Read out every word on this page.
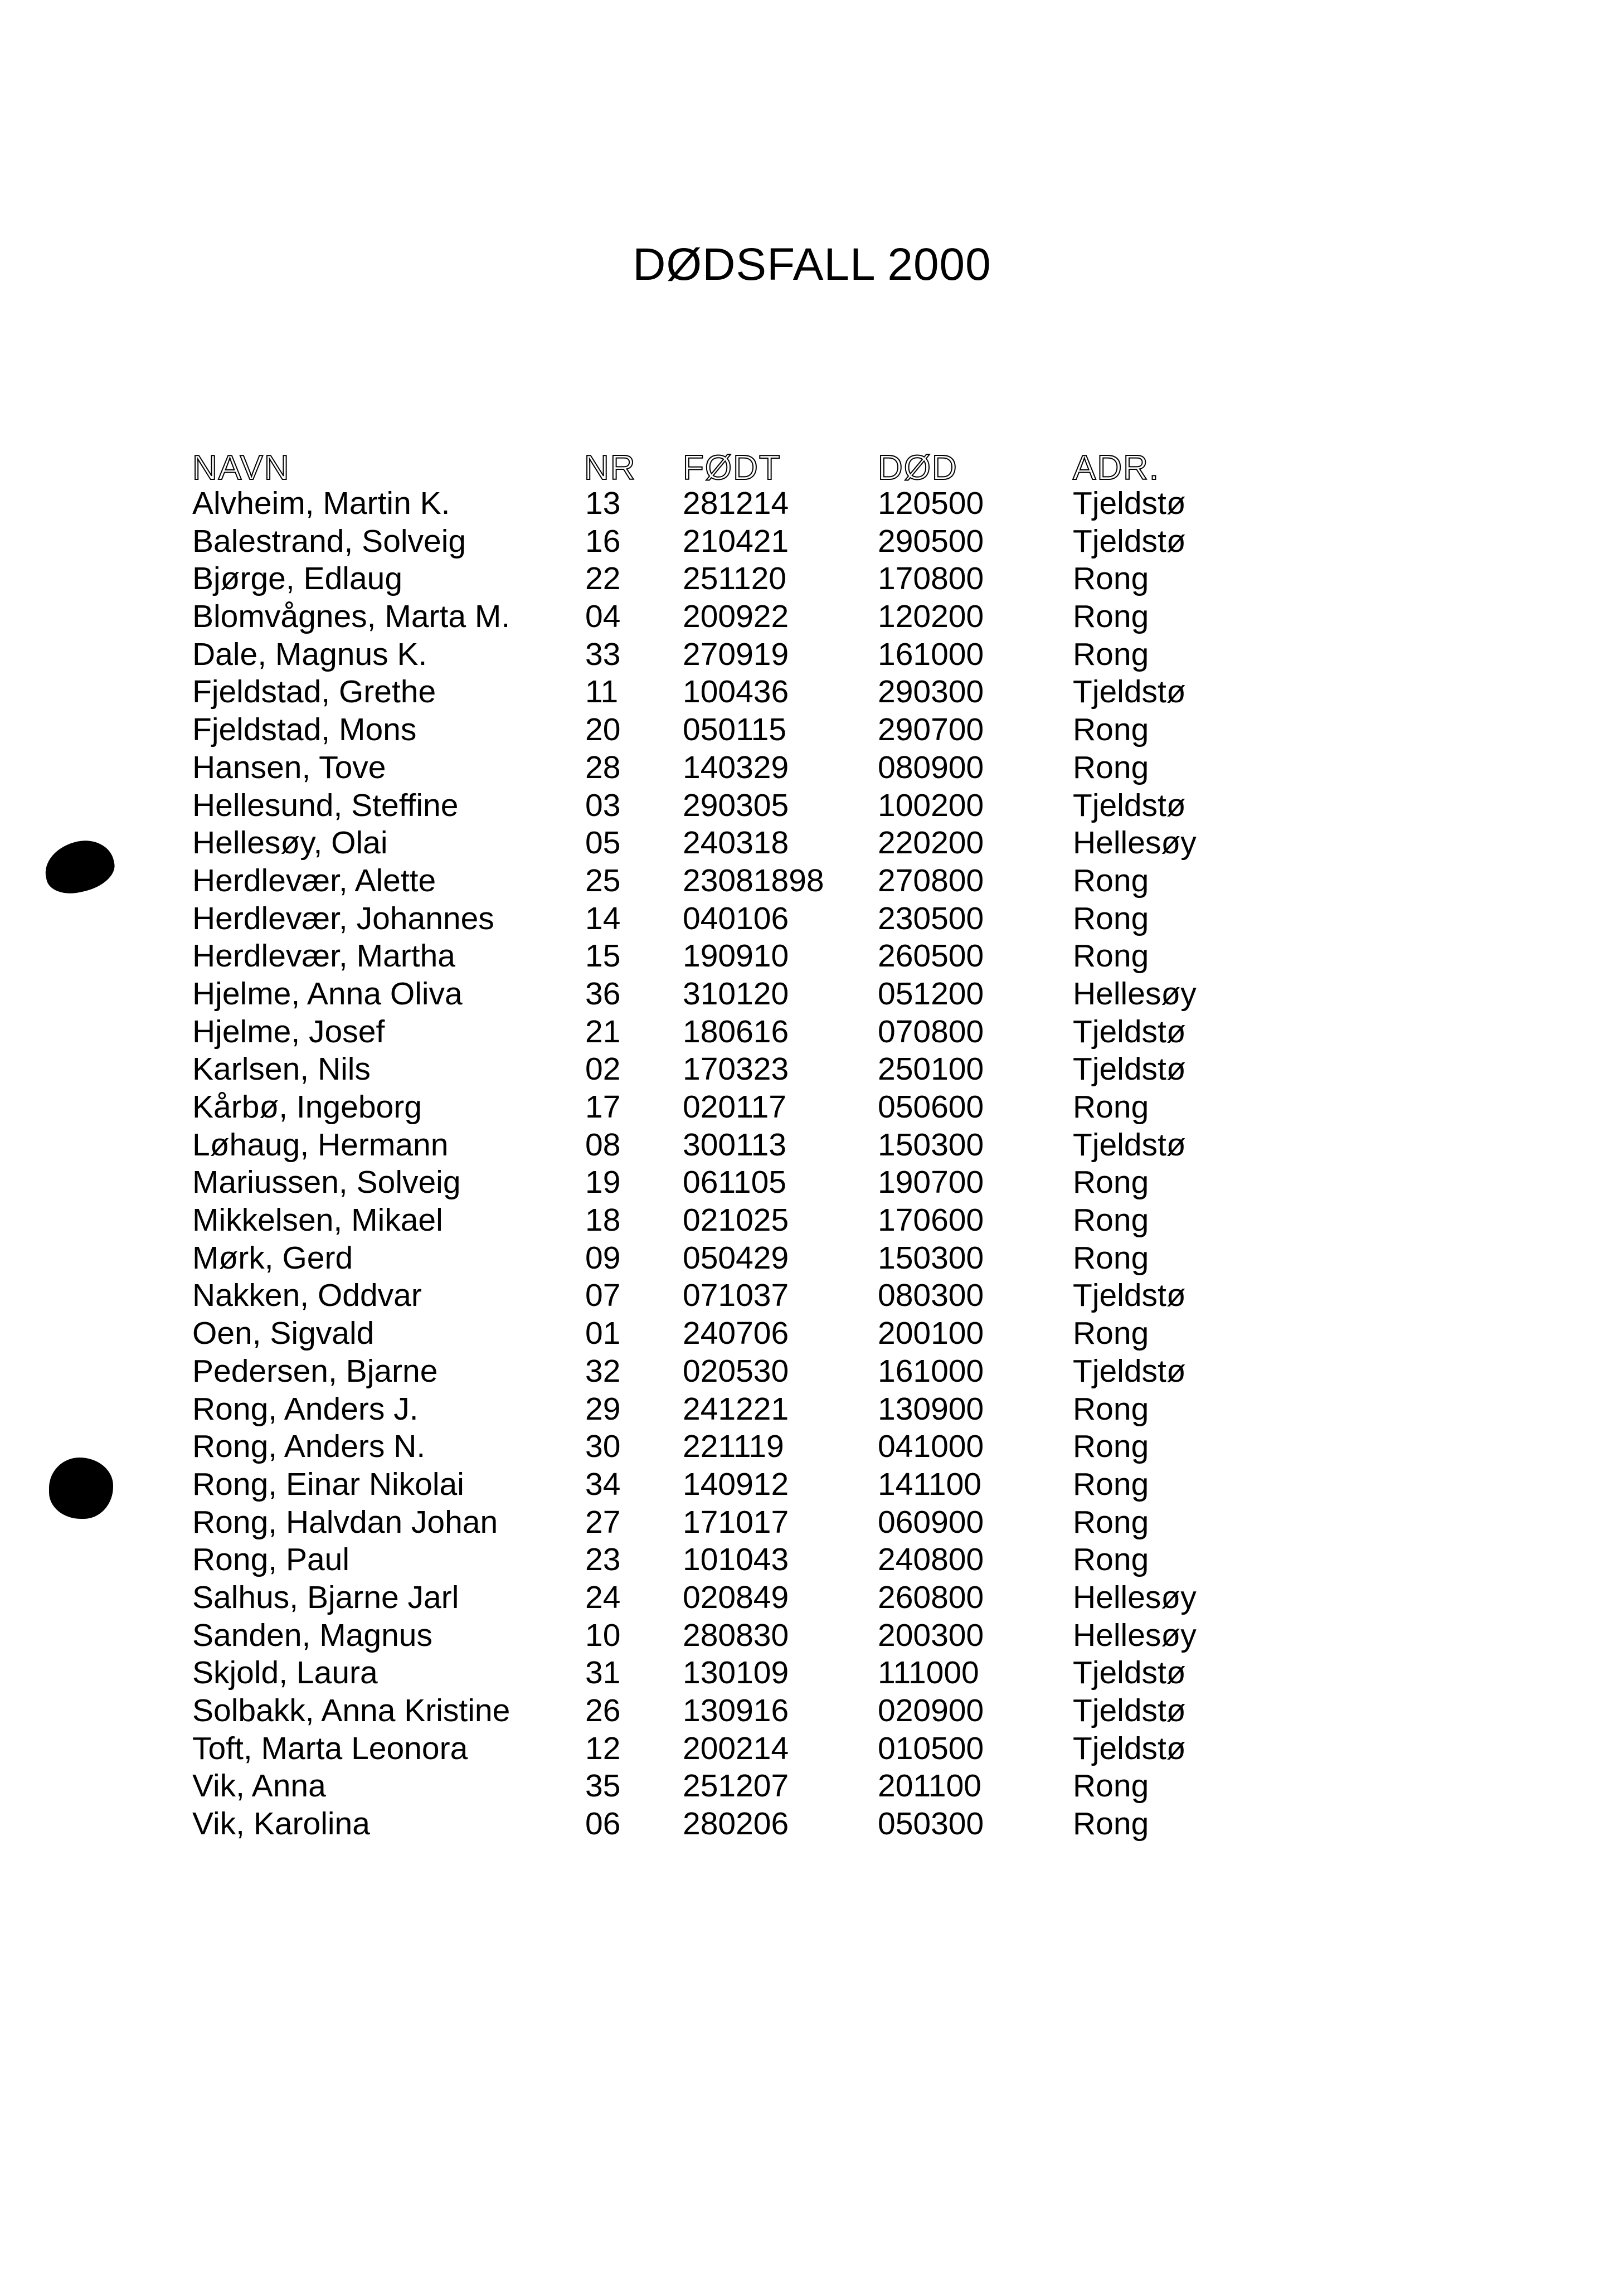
DØDSFALL 2000
NAVN	NR FØDT	DØD	ADR.
Alvheim, Martin K.	13 281214	120500	Tjeldstø
Balestrand, Solveig	16 210421	290500	Tjeldstø
Bjørge, Edlaug	22 251120	170800	Rong
Blomvågnes, Marta M. 04 200922	120200	Rong
Dale, Magnus K.	33 270919	161000	Rong
Fjeldstad, Grethe	11 100436	290300	Tjeldstø
Fjeldstad, Mons	20 050115	290700	Rong
Hansen, Tove	28 140329	080900	Rong
Hellesund, Steffine	03 290305	100200	Tjeldstø
Hellesøy, Olai	05 240318	220200	Hellesøy
Herdlevær, Alette	25 23081898 270800	Rong
Herdlevær, Johannes	14 040106	230500	Rong
Herdlevær, Martha	15 190910	260500	Rong
Hjelme, Anna Oliva	36 310120	051200	Hellesøy
Hjelme, Josef	21 180616	070800	Tjeldstø
Karlsen, Nils	02 170323	250100	Tjeldstø
Kårbø, Ingeborg	17 020117	050600	Rong
Løhaug, Hermann	08 300113	150300	Tjeldstø
Mariussen, Solveig	19 061105	190700	Rong
Mikkelsen, Mikael	18 021025	170600	Rong
Mørk, Gerd	09 050429	150300	Rong
Nakken, Oddvar	07 071037	080300	Tjeldstø
Oen, Sigvald	01 240706	200100	Rong
Pedersen, Bjarne	32 020530	161000	Tjeldstø
Rong, Anders J.	29 241221	130900	Rong
Rong, Anders N.	30 221119	041000	Rong
Rong, Einar Nikolai	34 140912	141100	Rong
Rong, Halvdan Johan	27 171017	060900	Rong
Rong, Paul	23 101043	240800	Rong
Salhus, Bjarne Jarl	24 020849	260800	Hellesøy
Sanden, Magnus	10 280830	200300	Hellesøy
Skjold, Laura	31 130109	111000	Tjeldstø
Solbakk, Anna Kristine 26 130916	020900	Tjeldstø
Toft, Marta Leonora	12 200214	010500	Tjeldstø
Vik, Anna	35 251207	201100	Rong
Vik, Karolina	06 280206	050300	Rong
